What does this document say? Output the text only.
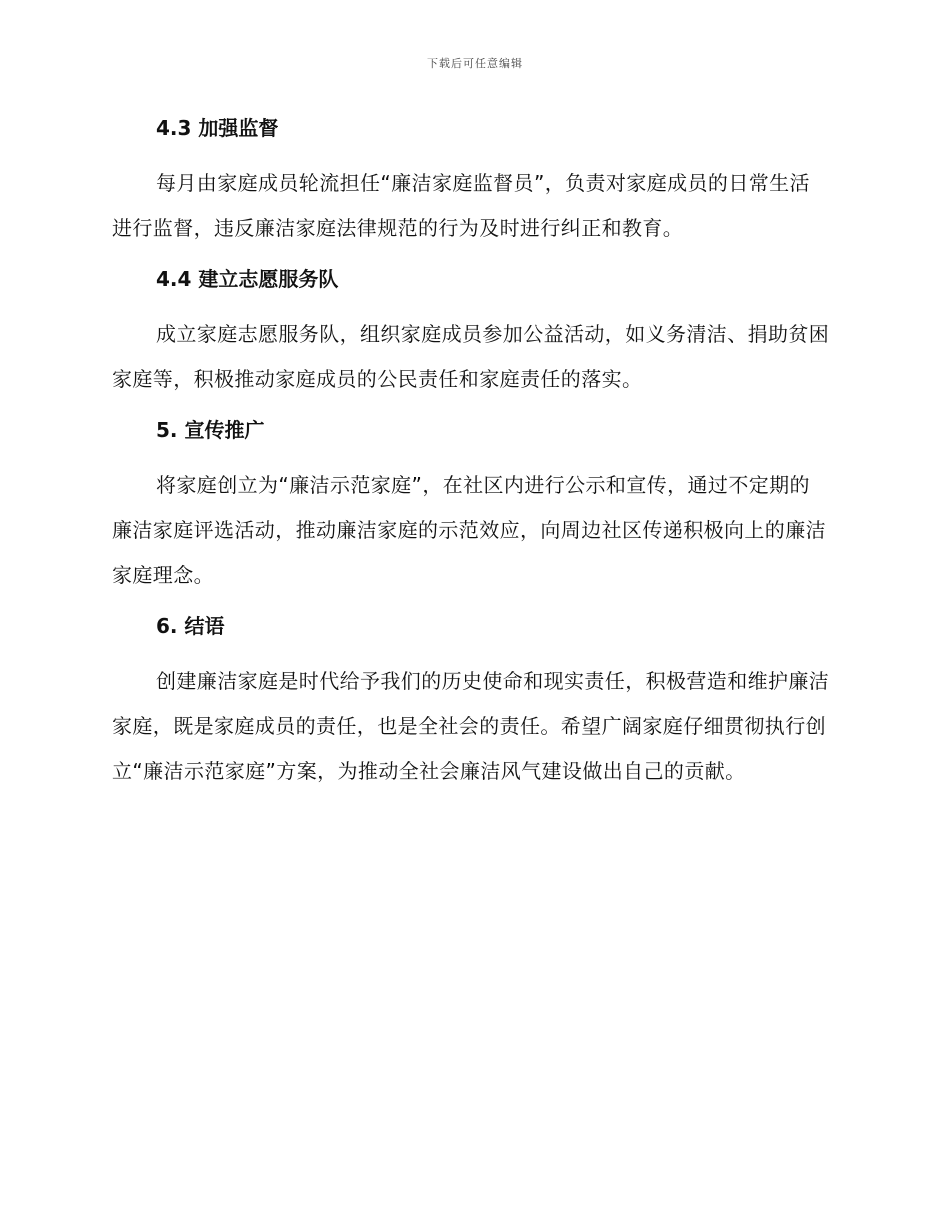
下载后可任意编辑
4.3 加强监督

每月由家庭成员轮流担任“廉洁家庭监督员”，负责对家庭成员的日常生活进行监督，违反廉洁家庭法律规范的行为及时进行纠正和教育。

4.4 建立志愿服务队

成立家庭志愿服务队，组织家庭成员参加公益活动，如义务清洁、捐助贫困家庭等，积极推动家庭成员的公民责任和家庭责任的落实。

5. 宣传推广

将家庭创立为“廉洁示范家庭”，在社区内进行公示和宣传，通过不定期的廉洁家庭评选活动，推动廉洁家庭的示范效应，向周边社区传递积极向上的廉洁家庭理念。

6. 结语

创建廉洁家庭是时代给予我们的历史使命和现实责任，积极营造和维护廉洁家庭，既是家庭成员的责任，也是全社会的责任。希望广阔家庭仔细贯彻执行创立“廉洁示范家庭”方案，为推动全社会廉洁风气建设做出自己的贡献。
